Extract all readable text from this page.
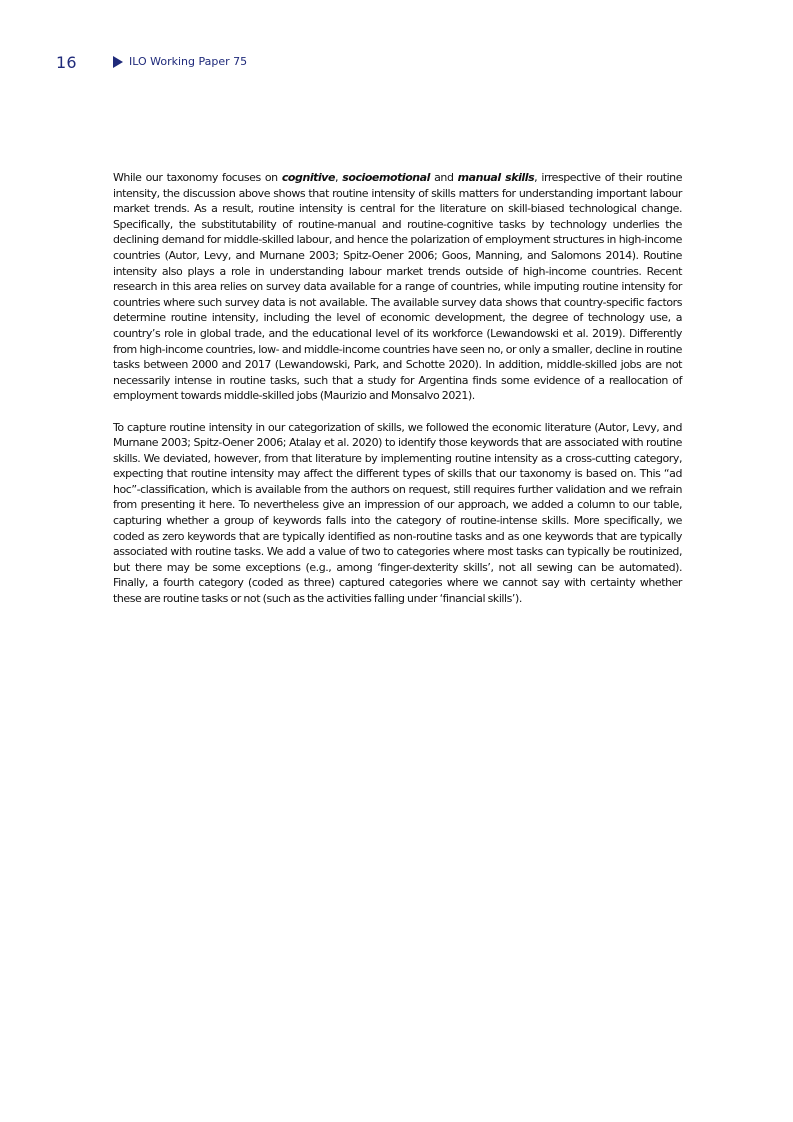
16	ILO Working Paper 75

While our taxonomy focuses on cognitive, socioemotional and manual skills, irrespective of their routine intensity, the discussion above shows that routine intensity of skills matters for understanding important labour market trends. As a result, routine intensity is central for the literature on skill-biased technological change. Specifically, the substitutability of routine-manual and routine-cognitive tasks by technology underlies the declining demand for middle-skilled labour, and hence the polarization of employment structures in high-income countries (Autor, Levy, and Murnane 2003; Spitz-Oener 2006; Goos, Manning, and Salomons 2014). Routine intensity also plays a role in understanding labour market trends outside of high-income countries. Recent research in this area relies on survey data available for a range of countries, while imputing routine intensity for countries where such survey data is not available. The available survey data shows that country-specific factors determine routine intensity, including the level of economic development, the degree of technology use, a country’s role in global trade, and the educational level of its workforce (Lewandowski et al. 2019). Differently from high-income countries, low- and middle-income countries have seen no, or only a smaller, decline in routine tasks between 2000 and 2017 (Lewandowski, Park, and Schotte 2020). In addition, middle-skilled jobs are not necessarily intense in routine tasks, such that a study for Argentina finds some evidence of a reallocation of employment towards middle-skilled jobs (Maurizio and Monsalvo 2021).

To capture routine intensity in our categorization of skills, we followed the economic literature (Autor, Levy, and Murnane 2003; Spitz-Oener 2006; Atalay et al. 2020) to identify those keywords that are associated with routine skills. We deviated, however, from that literature by implementing routine intensity as a cross-cutting category, expecting that routine intensity may affect the different types of skills that our taxonomy is based on. This “ad hoc”-classification, which is available from the authors on request, still requires further validation and we refrain from presenting it here. To nevertheless give an impression of our approach, we added a column to our table, capturing whether a group of keywords falls into the category of routine-intense skills. More specifically, we coded as zero keywords that are typically identified as non-routine tasks and as one keywords that are typically associated with routine tasks. We add a value of two to categories where most tasks can typically be routinized, but there may be some exceptions (e.g., among ‘finger-dexterity skills’, not all sewing can be automated). Finally, a fourth category (coded as three) captured categories where we cannot say with certainty whether these are routine tasks or not (such as the activities falling under ‘financial skills’).
